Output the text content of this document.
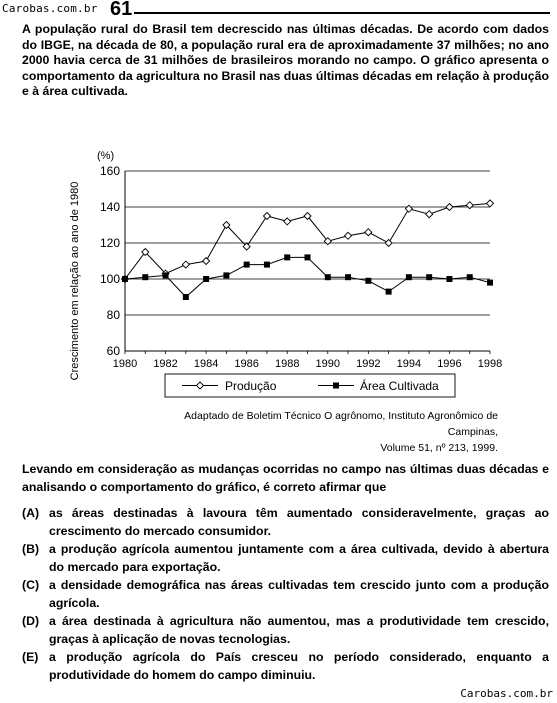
Carobas.com.br 61
A população rural do Brasil tem decrescido nas últimas décadas. De acordo com dados do IBGE, na década de 80, a população rural era de aproximadamente 37 milhões; no ano 2000 havia cerca de 31 milhões de brasileiros morando no campo. O gráfico apresenta o comportamento da agricultura no Brasil nas duas últimas décadas em relação à produção e à área cultivada.
60
80
100
120
140
160
1980 1982 1984 1986 1988 1990 1992 1994 1996 1998
(%)
Crescimento em relação ao ano de 1980
Produção	Área Cultivada
Adaptado de Boletim Técnico O agrônomo, Instituto Agronômico de Campinas,
Volume 51, nº 213, 1999.
Levando em consideração as mudanças ocorridas no campo nas últimas duas décadas e analisando o comportamento do gráfico, é correto afirmar que
(A) as áreas destinadas à lavoura têm aumentado consideravelmente, graças ao crescimento do mercado consumidor.
(B) a produção agrícola aumentou juntamente com a área cultivada, devido à abertura do mercado para exportação.
(C) a densidade demográfica nas áreas cultivadas tem crescido junto com a produção agrícola.
(D) a área destinada à agricultura não aumentou, mas a produtividade tem crescido, graças à aplicação de novas tecnologias.
(E) a produção agrícola do País cresceu no período considerado, enquanto a produtividade do homem do campo diminuiu.
Carobas.com.br
